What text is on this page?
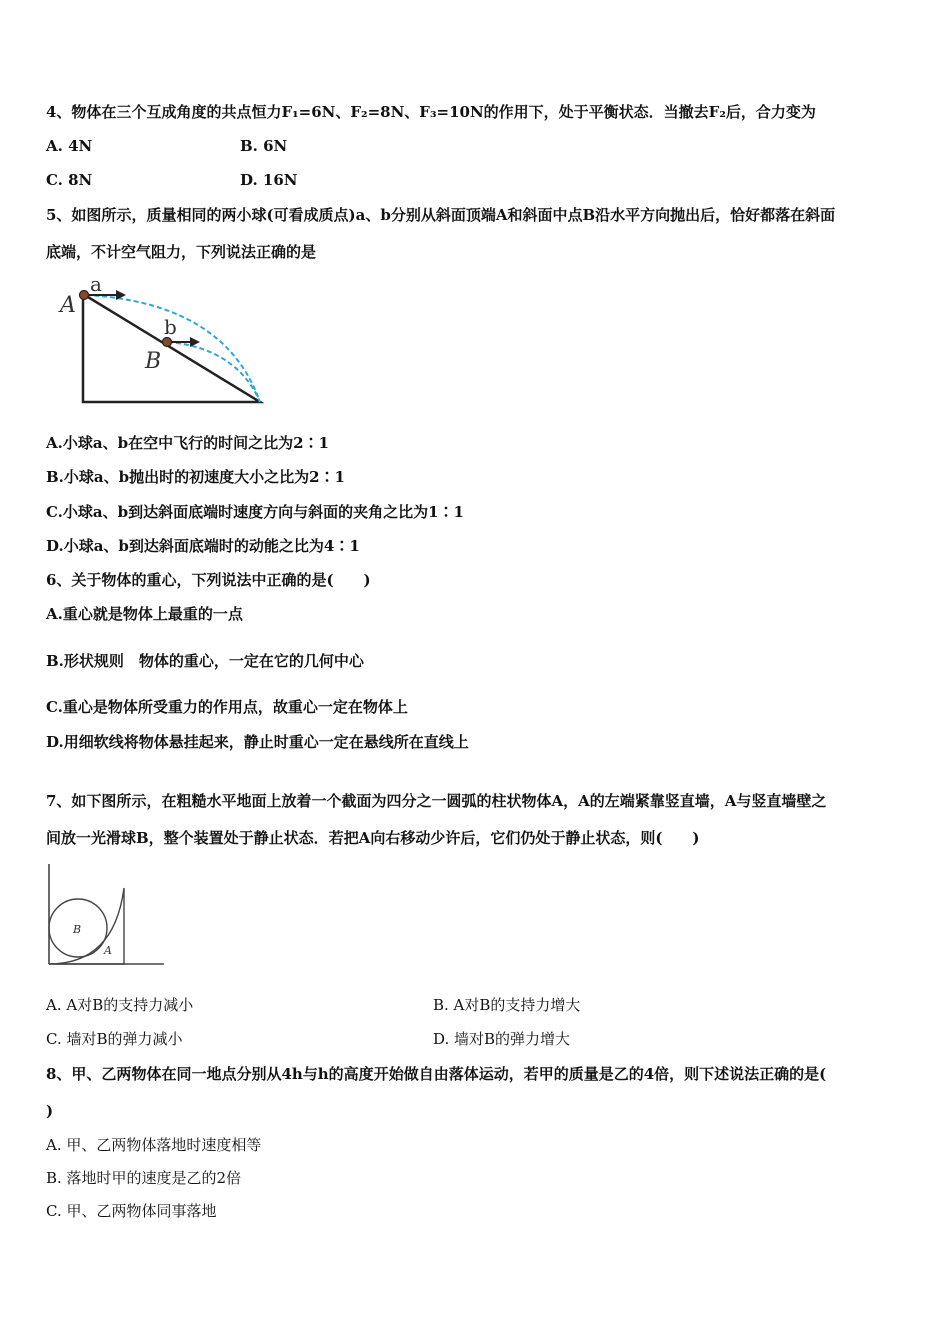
4、物体在三个互成角度的共点恒力F₁=6N、F₂=8N、F₃=10N的作用下，处于平衡状态．当撤去F₂后，合力变为
A. 4N	B. 6N
C. 8N	D. 16N
5、如图所示，质量相同的两小球(可看成质点)a、b分别从斜面顶端A和斜面中点B沿水平方向抛出后，恰好都落在斜面
底端，不计空气阻力，下列说法正确的是
a
A
b
B
A.小球a、b在空中飞行的时间之比为2∶1
B.小球a、b抛出时的初速度大小之比为2∶1
C.小球a、b到达斜面底端时速度方向与斜面的夹角之比为1∶1
D.小球a、b到达斜面底端时的动能之比为4∶1
6、关于物体的重心，下列说法中正确的是(　　)
A.重心就是物体上最重的一点
B.形状规则　物体的重心，一定在它的几何中心
C.重心是物体所受重力的作用点，故重心一定在物体上
D.用细软线将物体悬挂起来，静止时重心一定在悬线所在直线上
7、如下图所示，在粗糙水平地面上放着一个截面为四分之一圆弧的柱状物体A，A的左端紧靠竖直墙，A与竖直墙壁之
间放一光滑球B，整个装置处于静止状态．若把A向右移动少许后，它们仍处于静止状态，则(　　)
B
A
A. A对B的支持力减小	B. A对B的支持力增大
C. 墙对B的弹力减小	D. 墙对B的弹力增大
8、甲、乙两物体在同一地点分别从4h与h的高度开始做自由落体运动，若甲的质量是乙的4倍，则下述说法正确的是(
)
A. 甲、乙两物体落地时速度相等
B. 落地时甲的速度是乙的2倍
C. 甲、乙两物体同事落地
